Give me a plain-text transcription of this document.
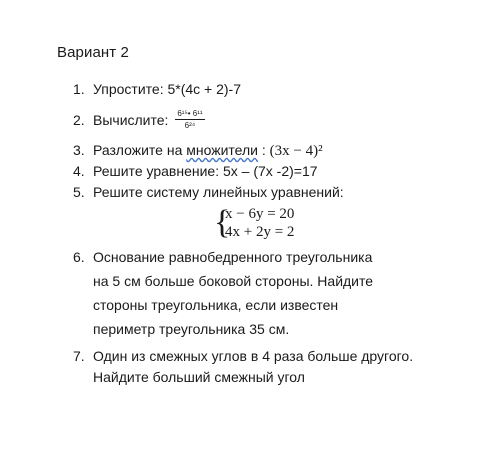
Вариант 2
1. Упростите: 5*(4с + 2)-7
2. Вычислите: $\frac{\text{6¹⁵• 6¹¹}}{\text{6²⁴}}$
3. Разложите на множители : (3x − 4)²
4. Решите уравнение: 5х – (7х -2)=17
5. Решите систему линейных уравнений:
{
x − 6y = 20
4x + 2y = 2
6. Основание равнобедренного треугольника
на 5 см больше боковой стороны. Найдите
стороны треугольника, если известен
периметр треугольника 35 см.
7. Один из смежных углов в 4 раза больше другого.
Найдите больший смежный угол
